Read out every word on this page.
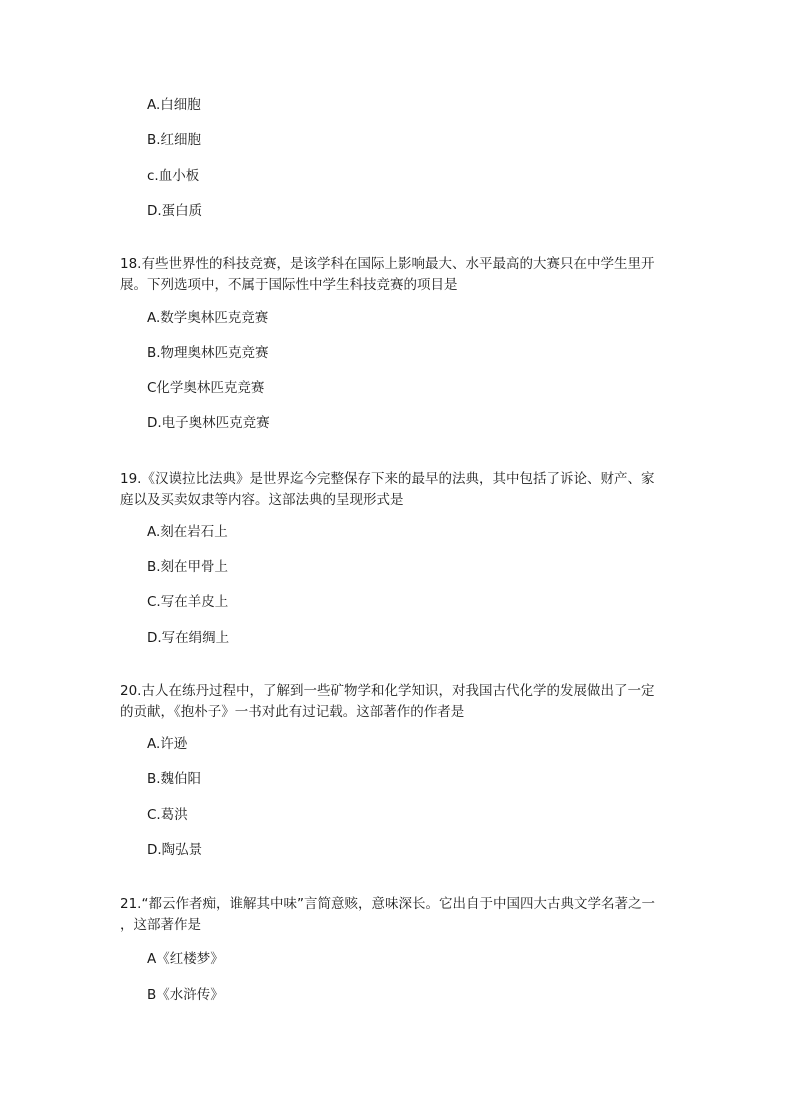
A.白细胞
B.红细胞
c.血小板
D.蛋白质
18.有些世界性的科技竞赛，是该学科在国际上影响最大、水平最高的大赛只在中学生里开
展。下列选项中，不属于国际性中学生科技竞赛的项目是
A.数学奥林匹克竞赛
B.物理奥林匹克竞赛
C化学奥林匹克竞赛
D.电子奥林匹克竞赛
19.《汉谟拉比法典》是世界迄今完整保存下来的最早的法典，其中包括了诉论、财产、家
庭以及买卖奴隶等内容。这部法典的呈现形式是
A.刻在岩石上
B.刻在甲骨上
C.写在羊皮上
D.写在绢绸上
20.古人在练丹过程中，了解到一些矿物学和化学知识，对我国古代化学的发展做出了一定
的贡献，《抱朴子》一书对此有过记载。这部著作的作者是
A.许逊
B.魏伯阳
C.葛洪
D.陶弘景
21.“都云作者痴，谁解其中味”言简意赅，意味深长。它出自于中国四大古典文学名著之一
，这部著作是
A《红楼梦》
B《水浒传》
